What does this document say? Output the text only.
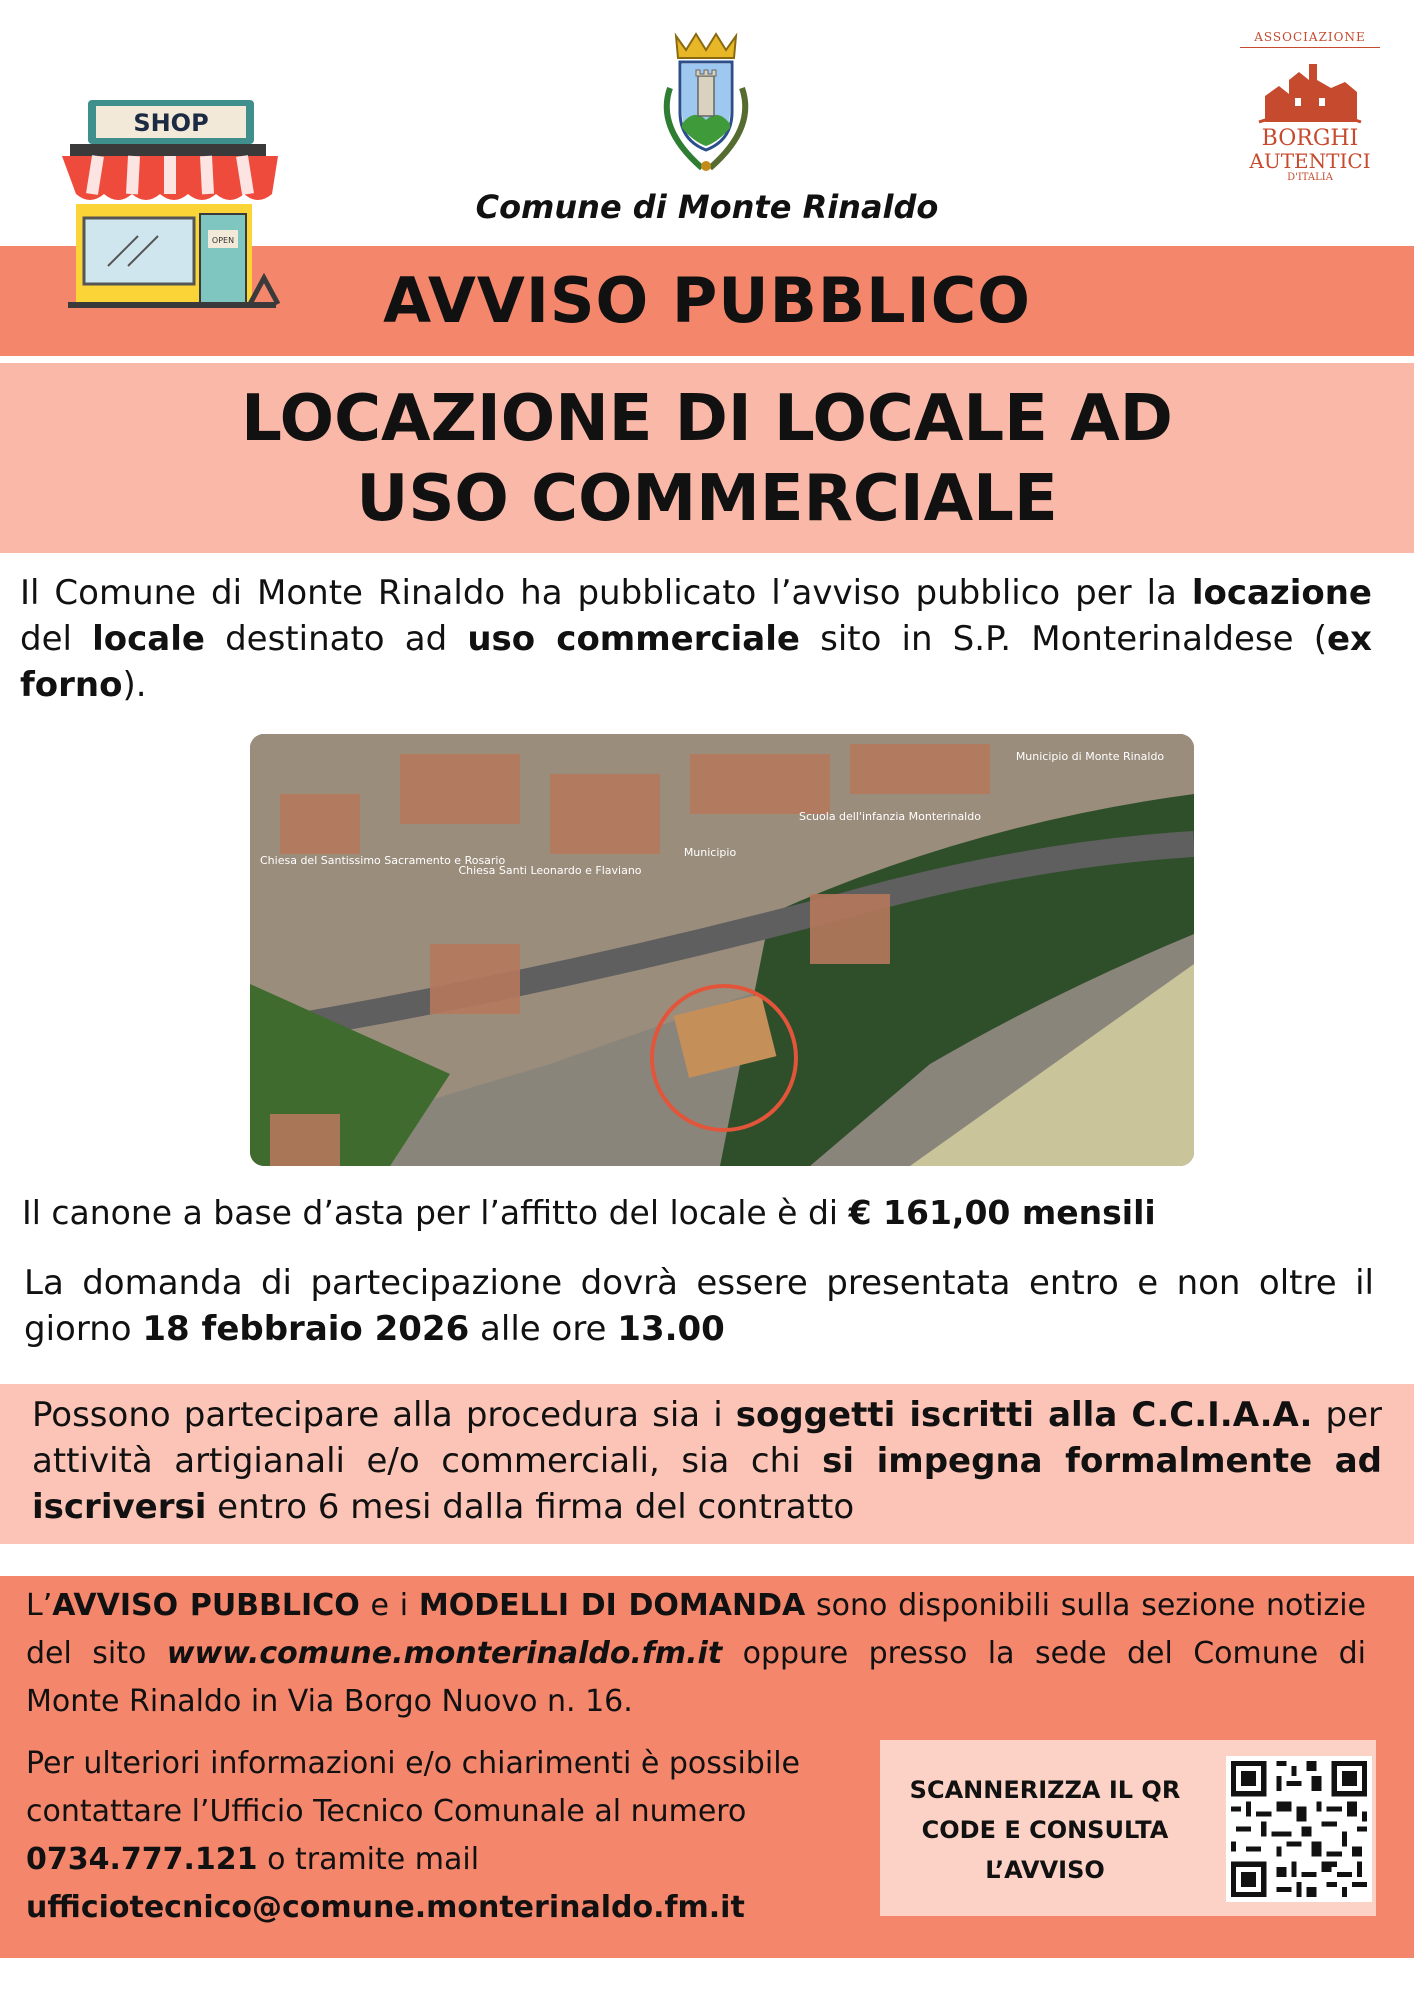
Comune di Monte Rinaldo
ASSOCIAZIONE
BORGHI
AUTENTICI
D'ITALIA
AVVISO PUBBLICO
LOCAZIONE DI LOCALE AD
USO COMMERCIALE
Il Comune di Monte Rinaldo ha pubblicato l’avviso pubblico per la locazione del locale destinato ad uso commerciale sito in S.P. Monterinaldese (ex forno).
Municipio di Monte Rinaldo
Scuola dell'infanzia Monterinaldo
Municipio
Chiesa Santi Leonardo e Flaviano
Chiesa del Santissimo Sacramento e Rosario
Il canone a base d’asta per l’affitto del locale è di € 161,00 mensili
La domanda di partecipazione dovrà essere presentata entro e non oltre il giorno 18 febbraio 2026 alle ore 13.00
Possono partecipare alla procedura sia i soggetti iscritti alla C.C.I.A.A. per attività artigianali e/o commerciali, sia chi si impegna formalmente ad iscriversi entro 6 mesi dalla firma del contratto
L’AVVISO PUBBLICO e i MODELLI DI DOMANDA sono disponibili sulla sezione notizie del sito www.comune.monterinaldo.fm.it oppure presso la sede del Comune di Monte Rinaldo in Via Borgo Nuovo n. 16.
Per ulteriori informazioni e/o chiarimenti è possibile contattare l’Ufficio Tecnico Comunale al numero 0734.777.121 o tramite mail
ufficiotecnico@comune.monterinaldo.fm.it
SCANNERIZZA IL QR
CODE E CONSULTA
L’AVVISO
SHOP
OPEN
